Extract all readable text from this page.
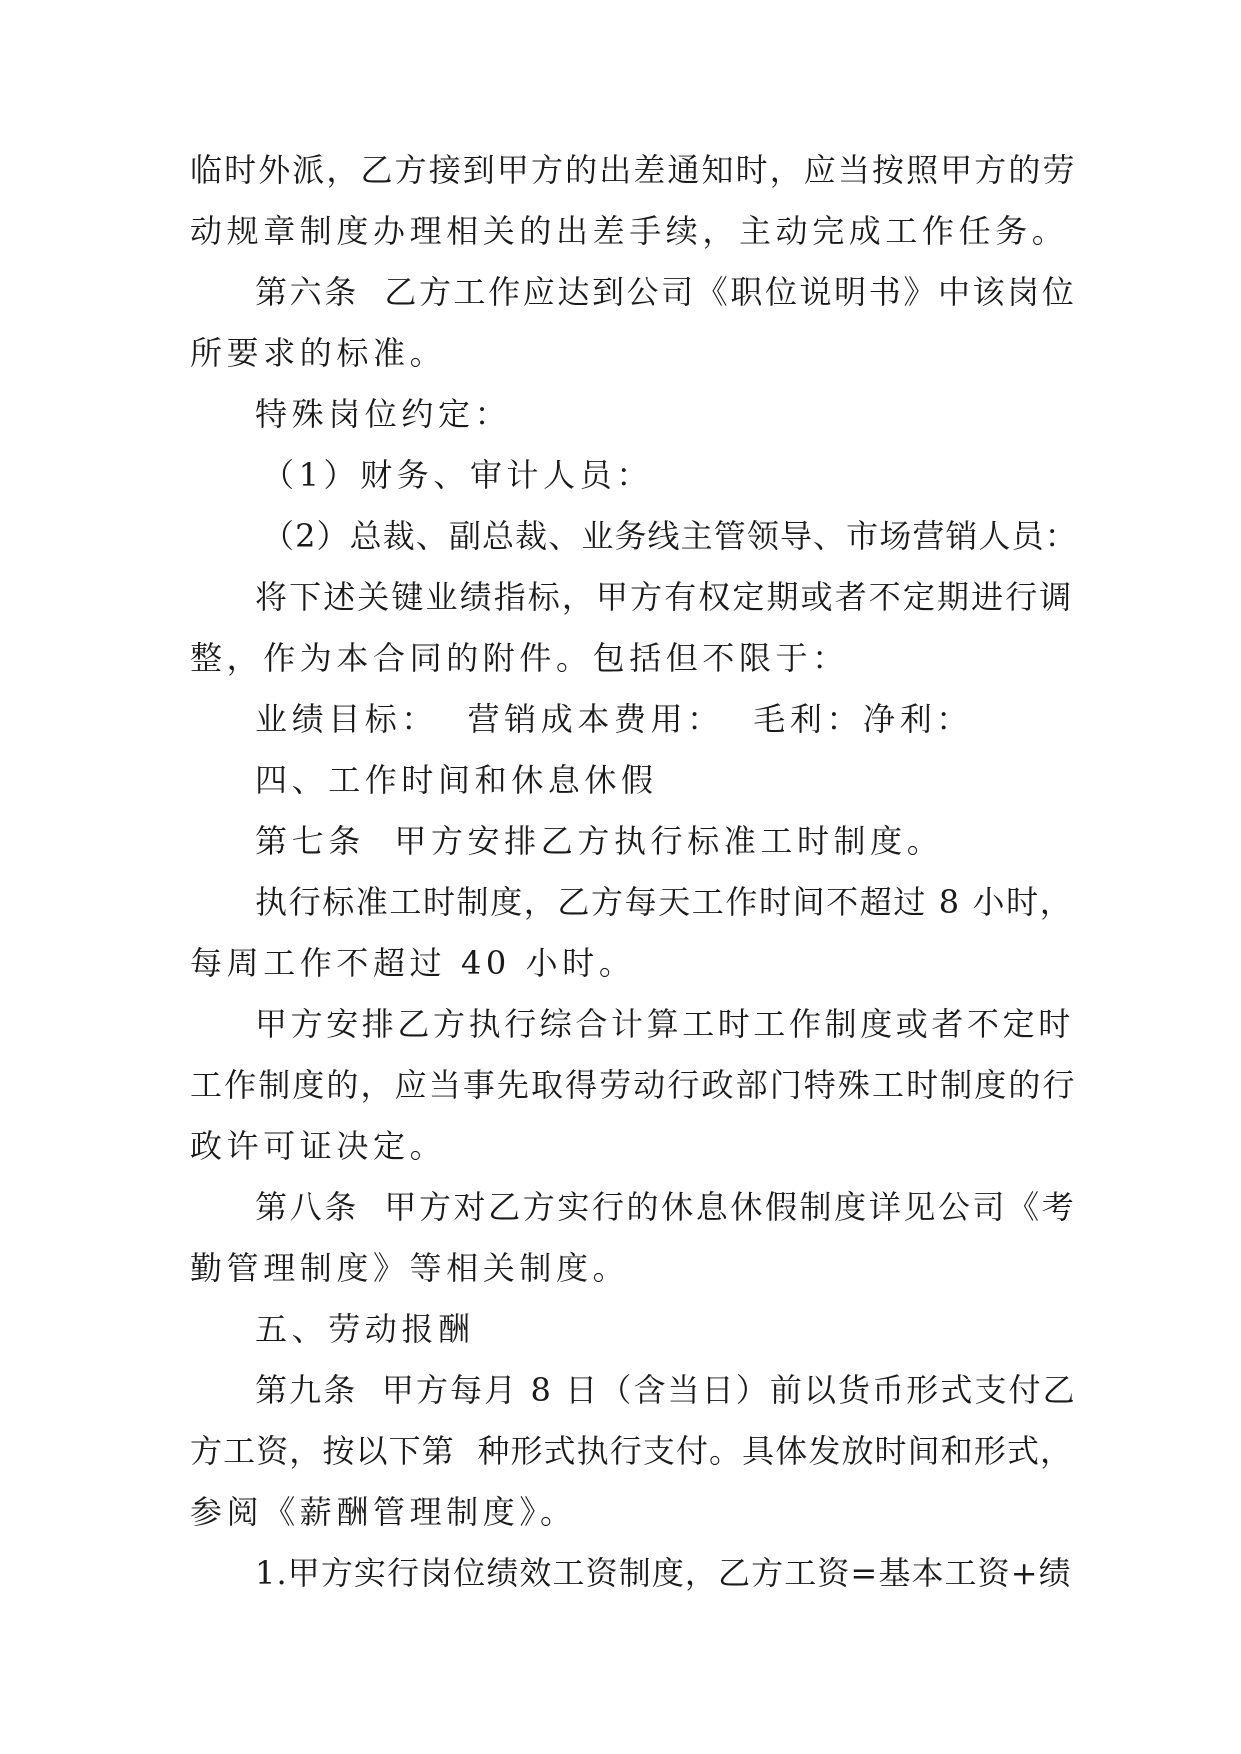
临时外派，乙方接到甲方的出差通知时，应当按照甲方的劳

动规章制度办理相关的出差手续，主动完成工作任务。

第六条  乙方工作应达到公司《职位说明书》中该岗位

所要求的标准。

特殊岗位约定：

（1）财务、审计人员：

（2）总裁、副总裁、业务线主管领导、市场营销人员：

将下述关键业绩指标，甲方有权定期或者不定期进行调

整，作为本合同的附件。包括但不限于：

业绩目标：  营销成本费用：  毛利：净利：

四、工作时间和休息休假

第七条  甲方安排乙方执行标准工时制度。

执行标准工时制度，乙方每天工作时间不超过 8 小时，

每周工作不超过 40 小时。

甲方安排乙方执行综合计算工时工作制度或者不定时

工作制度的，应当事先取得劳动行政部门特殊工时制度的行

政许可证决定。

第八条  甲方对乙方实行的休息休假制度详见公司《考

勤管理制度》等相关制度。

五、劳动报酬

第九条  甲方每月 8 日（含当日）前以货币形式支付乙

方工资，按以下第  种形式执行支付。具体发放时间和形式，

参阅《薪酬管理制度》。

1.甲方实行岗位绩效工资制度，乙方工资=基本工资+绩
